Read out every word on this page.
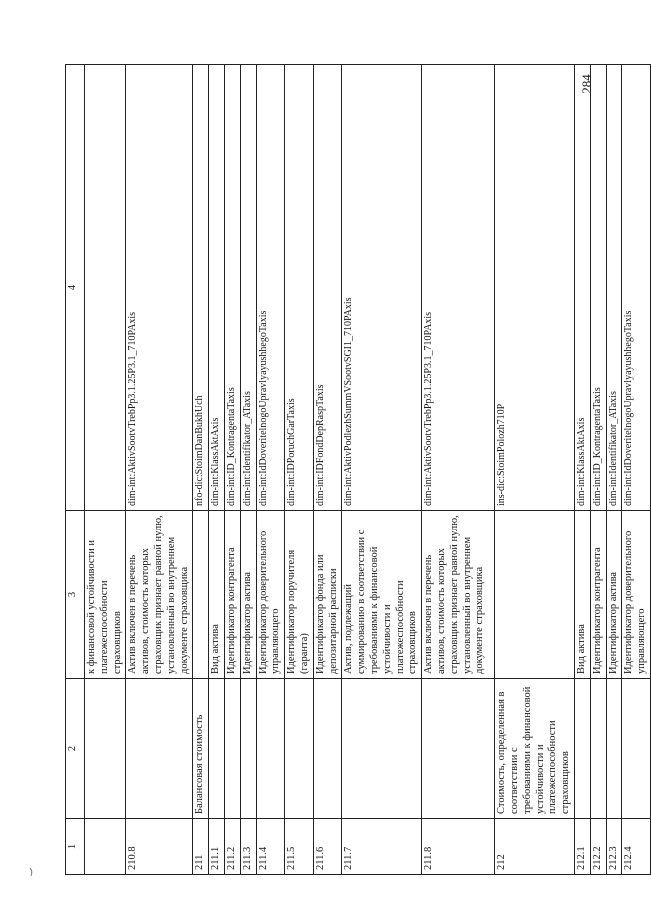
284
1	2	3	4
		к финансовой устойчивости и платежеспособности страховщиков	
210.8		Актив включен в перечень активов, стоимость которых страховщик признает равной нулю, установленный во внутреннем документе страховщика	dim-int:AktivSootvTrebPp3.1.25P3.1_710PAxis
211	Балансовая стоимость		nfo-dic:StoimDanBukhUch
211.1		Вид актива	dim-int:KlassAktAxis
211.2		Идентификатор контрагента	dim-int:ID_KontragentaTaxis
211.3		Идентификатор актива	dim-int:Identifikator_ATaxis
211.4		Идентификатор доверительного управляющего	dim-int:IdDoveritelnogoUpravlyayushhegoTaxis
211.5		Идентификатор поручителя (гаранта)	dim-int:IDPoruchGarTaxis
211.6		Идентификатор фонда или депозитарной расписки	dim-int:IDFondDepRaspTaxis
211.7		Актив, подлежащий суммированию в соответствии с требованиями к финансовой устойчивости и платежеспособности страховщиков	dim-int:AktivPodlezhSummVSootvSGI1_710PAxis
211.8		Актив включен в перечень активов, стоимость которых страховщик признает равной нулю, установленный во внутреннем документе страховщика	dim-int:AktivSootvTrebPp3.1.25P3.1_710PAxis
212	Стоимость, определенная в соответствии с требованиями к финансовой устойчивости и платежеспособности страховщиков		ins-dic:StoimPolozh710P
212.1		Вид актива	dim-int:KlassAktAxis
212.2		Идентификатор контрагента	dim-int:ID_KontragentaTaxis
212.3		Идентификатор актива	dim-int:Identifikator_ATaxis
212.4		Идентификатор доверительного управляющего	dim-int:IdDoveritelnogoUpravlyayushhegoTaxis
